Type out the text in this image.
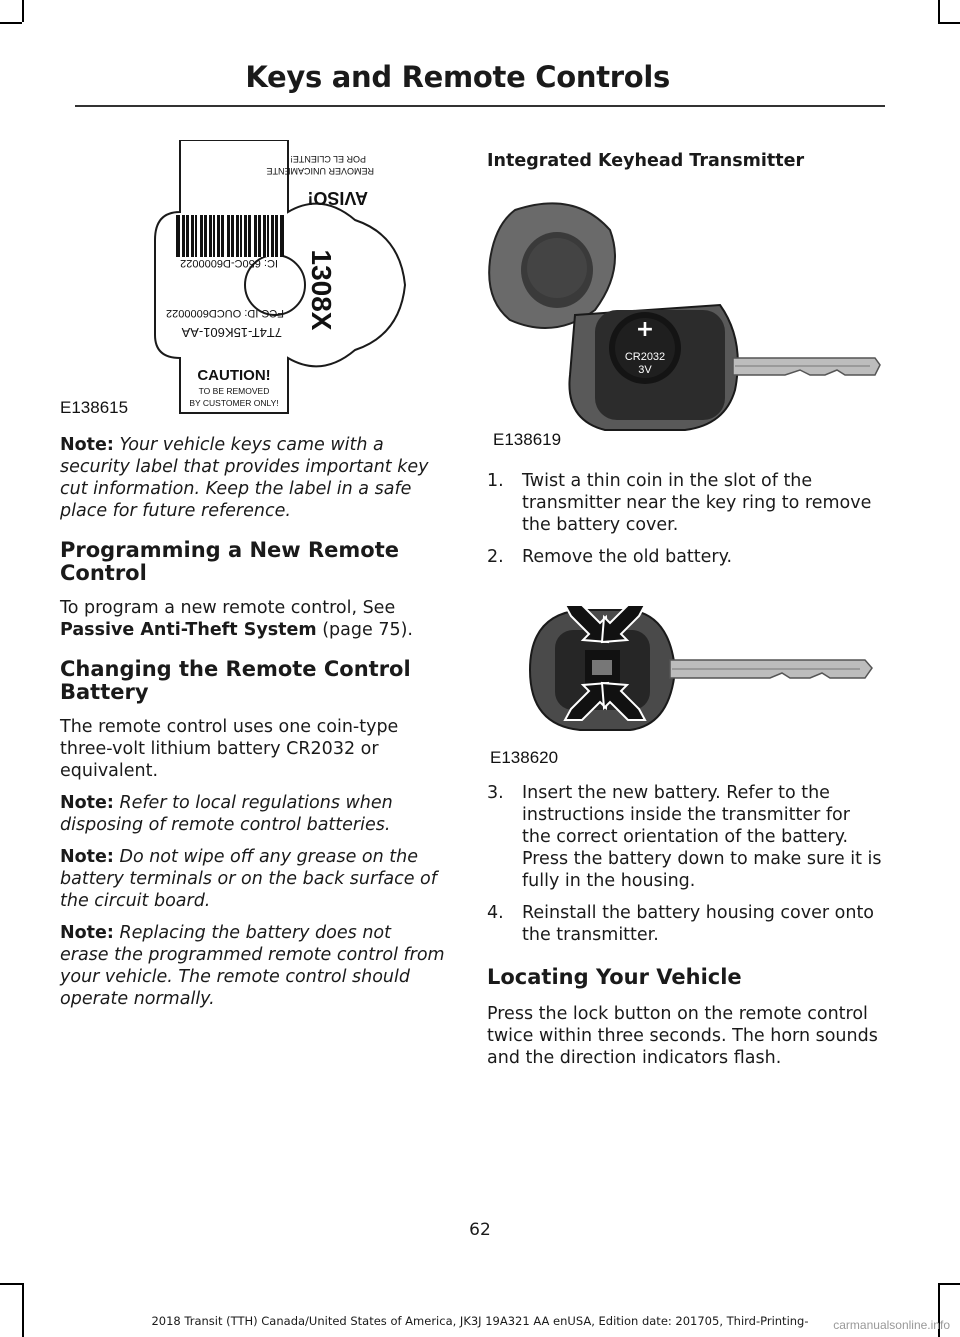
Keys and Remote Controls
AVISO!
REMOVER UNICAMENTE
POR EL CLIENTE!
IC: 650C-D6000022
FCC ID: OUCD6000022
7T4T-15K601-AA
1308X
CAUTION!
TO BE REMOVED
BY CUSTOMER ONLY!
E138615

Note: Your vehicle keys came with a security label that provides important key cut information. Keep the label in a safe place for future reference.

Programming a New Remote Control

To program a new remote control, See Passive Anti-Theft System (page 75).

Changing the Remote Control Battery

The remote control uses one coin-type three-volt lithium battery CR2032 or equivalent.

Note: Refer to local regulations when disposing of remote control batteries.

Note: Do not wipe off any grease on the battery terminals or on the back surface of the circuit board.

Note: Replacing the battery does not erase the programmed remote control from your vehicle. The remote control should operate normally.

Integrated Keyhead Transmitter
+
CR2032
3V
E138619
1. Twist a thin coin in the slot of the transmitter near the key ring to remove the battery cover.
2. Remove the old battery.
E138620
3. Insert the new battery. Refer to the instructions inside the transmitter for the correct orientation of the battery. Press the battery down to make sure it is fully in the housing.
4. Reinstall the battery housing cover onto the transmitter.
Locating Your Vehicle

Press the lock button on the remote control twice within three seconds. The horn sounds and the direction indicators flash.

62
2018 Transit (TTH) Canada/United States of America, JK3J 19A321 AA enUSA, Edition date: 201705, Third-Printing-	carmanualsonline.info
